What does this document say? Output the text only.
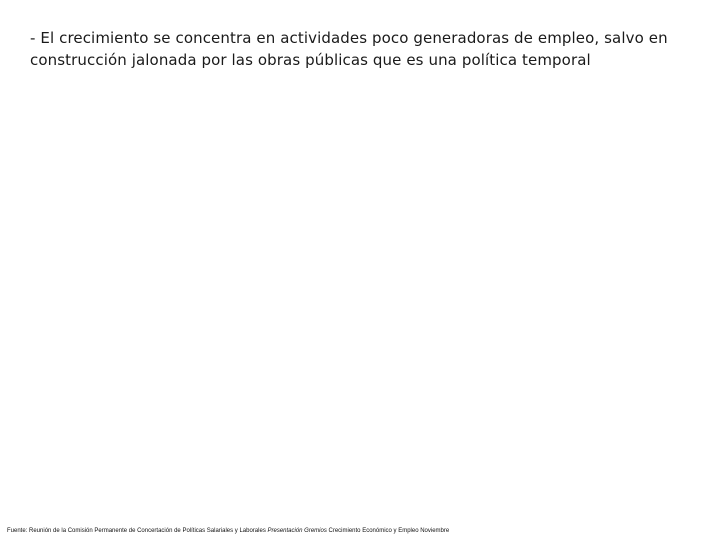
- El crecimiento se concentra en actividades poco generadoras de empleo, salvo en construcción jalonada por las obras públicas que es una política temporal
Fuente: Reunión de la Comisión Permanente de Concertación de Políticas Salariales y Laborales Presentación Gremios Crecimiento Económico y Empleo Noviembre
